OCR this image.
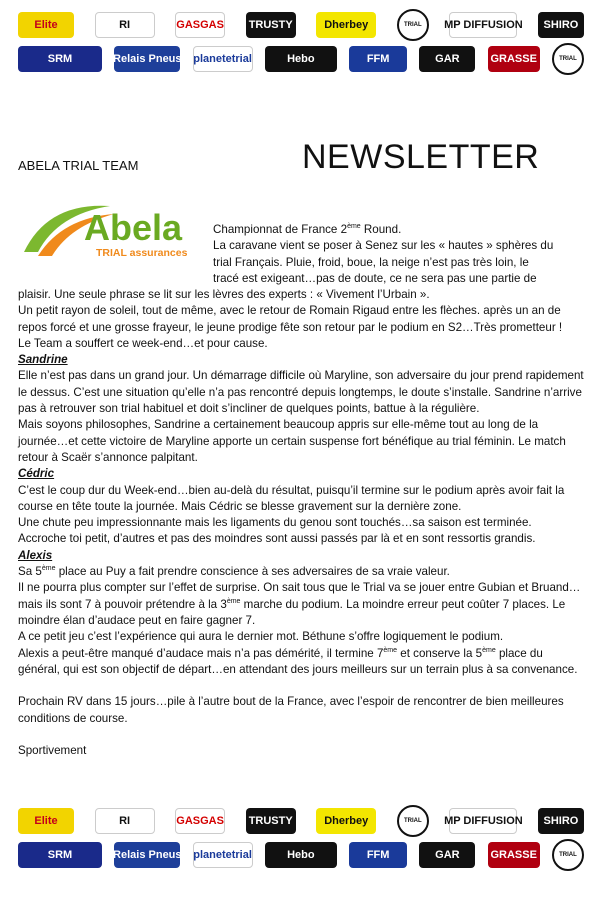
Elite	RI	GASGAS TRUSTY	Dherbey	TRIAL	MP DIFFUSION	SHIRO
SRM	Relais Pneus planetetrial	Hebo	FFM	GAR	GRASSE	TRIAL
ABELA TRIAL TEAM	NEWSLETTER
Abela
TRIAL assurances
Championnat de France 2ème Round.
La caravane vient se poser à Senez sur les « hautes » sphères du
trial Français. Pluie, froid, boue, la neige n’est pas très loin, le
tracé est exigeant…pas de doute, ce ne sera pas une partie de

plaisir. Une seule phrase se lit sur les lèvres des experts : « Vivement l’Urbain ».

Un petit rayon de soleil, tout de même, avec le retour de Romain Rigaud entre les flèches. après un an de repos forcé et une grosse frayeur, le jeune prodige fête son retour par le podium en S2…Très prometteur !

Le Team a souffert ce week-end…et pour cause.

Sandrine

Elle n’est pas dans un grand jour. Un démarrage difficile où Maryline, son adversaire du jour prend rapidement le dessus. C’est une situation qu’elle n’a pas rencontré depuis longtemps, le doute s’installe. Sandrine n’arrive pas à retrouver son trial habituel et doit s’incliner de quelques points, battue à la régulière.

Mais soyons philosophes, Sandrine a certainement beaucoup appris sur elle-même tout au long de la journée…et cette victoire de Maryline apporte un certain suspense fort bénéfique au trial féminin. Le match retour à Scaër s’annonce palpitant.

Cédric

C’est le coup dur du Week-end…bien au-delà du résultat, puisqu’il termine sur le podium après avoir fait la course en tête toute la journée. Mais Cédric se blesse gravement sur la dernière zone.

Une chute peu impressionnante mais les ligaments du genou sont touchés…sa saison est terminée.

Accroche toi petit, d’autres et pas des moindres sont aussi passés par là et en sont ressortis grandis.

Alexis

Sa 5ème place au Puy a fait prendre conscience à ses adversaires de sa vraie valeur.

Il ne pourra plus compter sur l’effet de surprise. On sait tous que le Trial va se jouer entre Gubian et Bruand…mais ils sont 7 à pouvoir prétendre à la 3ème marche du podium. La moindre erreur peut coûter 7 places. Le moindre élan d’audace peut en faire gagner 7.

A ce petit jeu c’est l’expérience qui aura le dernier mot. Béthune s’offre logiquement le podium.

Alexis a peut-être manqué d’audace mais n’a pas démérité, il termine 7ème et conserve la 5ème place du général, qui est son objectif de départ…en attendant des jours meilleurs sur un terrain plus à sa convenance.

Prochain RV dans 15 jours…pile à l’autre bout de la France, avec l’espoir de rencontrer de bien meilleures conditions de course.

Sportivement

Elite	RI	GASGAS TRUSTY	Dherbey	TRIAL	MP DIFFUSION	SHIRO
SRM	Relais Pneus planetetrial	Hebo	FFM	GAR	GRASSE	TRIAL
